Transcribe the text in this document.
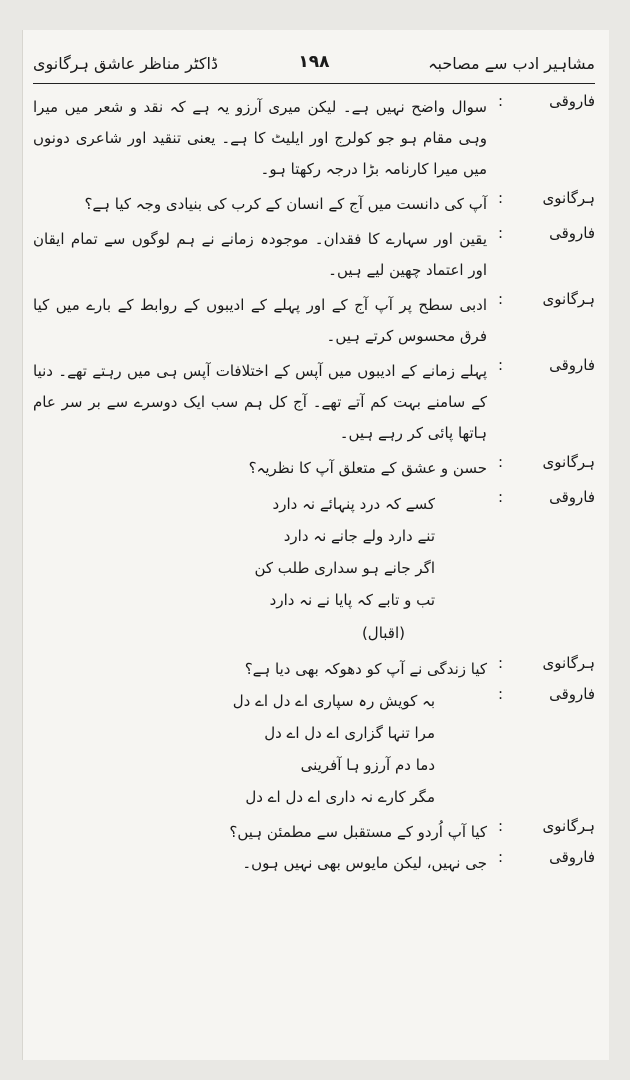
مشاہیر ادب سے مصاحبہ
۱۹۸
ڈاکٹر مناظر عاشق ہرگانوی
فاروقی
:
سوال واضح نہیں ہے۔ لیکن میری آرزو یہ ہے کہ نقد و شعر میں میرا وہی مقام ہو جو کولرج اور ایلیٹ کا ہے۔ یعنی تنقید اور شاعری دونوں میں میرا کارنامہ بڑا درجہ رکھتا ہو۔
ہرگانوی
:
آپ کی دانست میں آج کے انسان کے کرب کی بنیادی وجہ کیا ہے؟
فاروقی
:
یقین اور سہارے کا فقدان۔ موجودہ زمانے نے ہم لوگوں سے تمام ایقان اور اعتماد چھین لیے ہیں۔
ہرگانوی
:
ادبی سطح پر آپ آج کے اور پہلے کے ادیبوں کے روابط کے بارے میں کیا فرق محسوس کرتے ہیں۔
فاروقی
:
پہلے زمانے کے ادیبوں میں آپس کے اختلافات آپس ہی میں رہتے تھے۔ دنیا کے سامنے بہت کم آتے تھے۔ آج کل ہم سب ایک دوسرے سے بر سر عام ہاتھا پائی کر رہے ہیں۔
ہرگانوی
:
حسن و عشق کے متعلق آپ کا نظریہ؟
فاروقی
:
کسے کہ درد پنہائے نہ دارد
تنے دارد ولے جانے نہ دارد
اگر جانے ہو سداری طلب کن
تب و تابے کہ پایا نے نہ دارد
(اقبال)
ہرگانوی
:
کیا زندگی نے آپ کو دھوکہ بھی دیا ہے؟
فاروقی
:
بہ کویش رہ سپاری اے دل اے دل
مرا تنہا گزاری اے دل اے دل
دما دم آرزو ہا آفرینی
مگر کارے نہ داری اے دل اے دل
ہرگانوی
:
کیا آپ اُردو کے مستقبل سے مطمئن ہیں؟
فاروقی
:
جی نہیں، لیکن مایوس بھی نہیں ہوں۔
